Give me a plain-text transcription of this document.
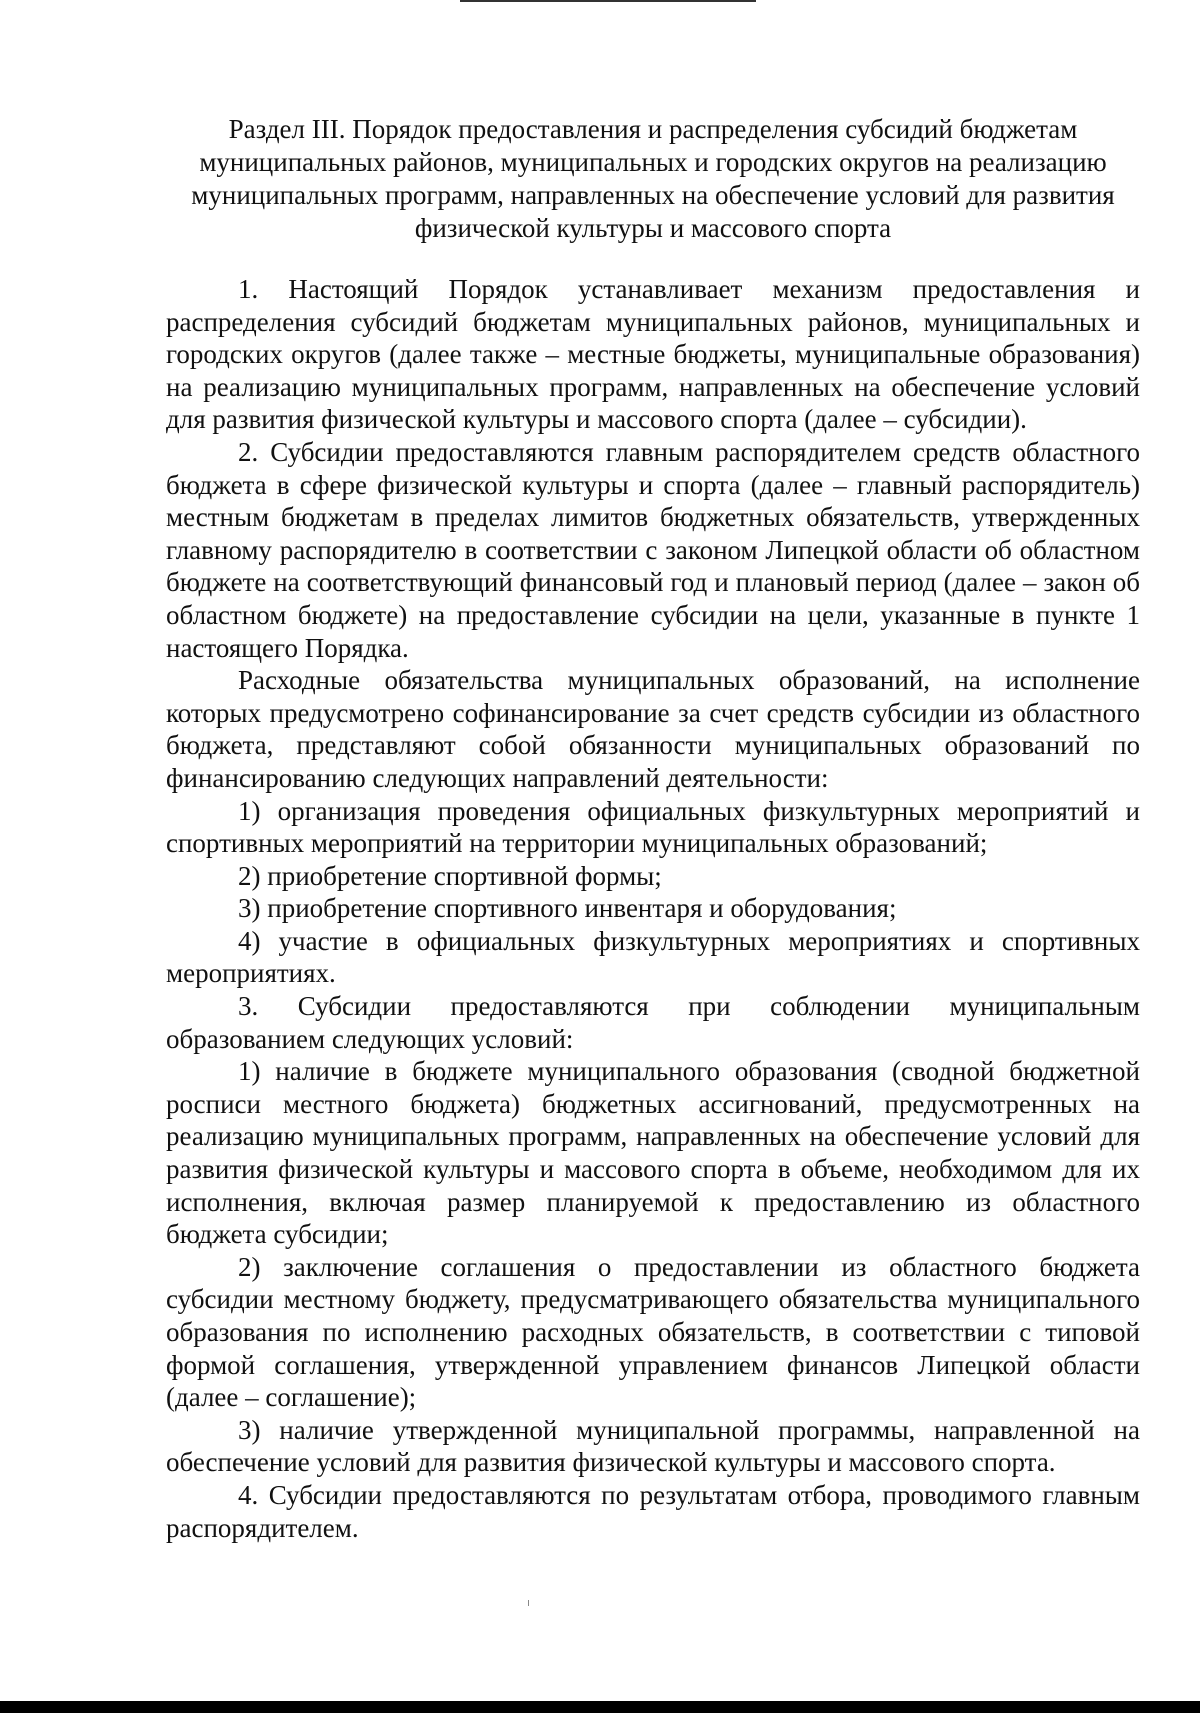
Раздел III. Порядок предоставления и распределения субсидий бюджетам муниципальных районов, муниципальных и городских округов на реализацию муниципальных программ, направленных на обеспечение условий для развития физической культуры и массового спорта

1. Настоящий Порядок устанавливает механизм предоставления и распределения субсидий бюджетам муниципальных районов, муниципальных и городских округов (далее также – местные бюджеты, муниципальные образования) на реализацию муниципальных программ, направленных на обеспечение условий для развития физической культуры и массового спорта (далее – субсидии).

2. Субсидии предоставляются главным распорядителем средств областного бюджета в сфере физической культуры и спорта (далее – главный распорядитель) местным бюджетам в пределах лимитов бюджетных обязательств, утвержденных главному распорядителю в соответствии с законом Липецкой области об областном бюджете на соответствующий финансовый год и плановый период (далее – закон об областном бюджете) на предоставление субсидии на цели, указанные в пункте 1 настоящего Порядка.

Расходные обязательства муниципальных образований, на исполнение которых предусмотрено софинансирование за счет средств субсидии из областного бюджета, представляют собой обязанности муниципальных образований по финансированию следующих направлений деятельности:

1) организация проведения официальных физкультурных мероприятий и спортивных мероприятий на территории муниципальных образований;

2) приобретение спортивной формы;

3) приобретение спортивного инвентаря и оборудования;

4) участие в официальных физкультурных мероприятиях и спортивных мероприятиях.

3. Субсидии предоставляются при соблюдении муниципальным образованием следующих условий:

1) наличие в бюджете муниципального образования (сводной бюджетной росписи местного бюджета) бюджетных ассигнований, предусмотренных на реализацию муниципальных программ, направленных на обеспечение условий для развития физической культуры и массового спорта в объеме, необходимом для их исполнения, включая размер планируемой к предоставлению из областного бюджета субсидии;

2) заключение соглашения о предоставлении из областного бюджета субсидии местному бюджету, предусматривающего обязательства муниципального образования по исполнению расходных обязательств, в соответствии с типовой формой соглашения, утвержденной управлением финансов Липецкой области (далее – соглашение);

3) наличие утвержденной муниципальной программы, направленной на обеспечение условий для развития физической культуры и массового спорта.

4. Субсидии предоставляются по результатам отбора, проводимого главным распорядителем.
